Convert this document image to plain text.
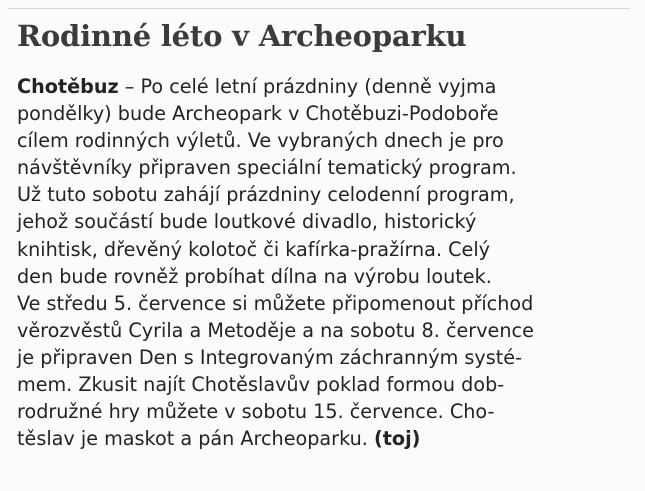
Rodinné léto v Archeoparku
Chotěbuz – Po celé letní prázdniny (denně vyjma
pondělky) bude Archeopark v Chotěbuzi-Podoboře
cílem rodinných výletů. Ve vybraných dnech je pro
návštěvníky připraven speciální tematický program.
Už tuto sobotu zahájí prázdniny celodenní program,
jehož součástí bude loutkové divadlo, historický
knihtisk, dřevěný kolotoč či kafírka-pražírna. Celý
den bude rovněž probíhat dílna na výrobu loutek.
Ve středu 5. července si můžete připomenout příchod
věrozvěstů Cyrila a Metoděje a na sobotu 8. července
je připraven Den s Integrovaným záchranným systé-
mem. Zkusit najít Chotěslavův poklad formou dob-
rodružné hry můžete v sobotu 15. července. Cho-
těslav je maskot a pán Archeoparku. (toj)
